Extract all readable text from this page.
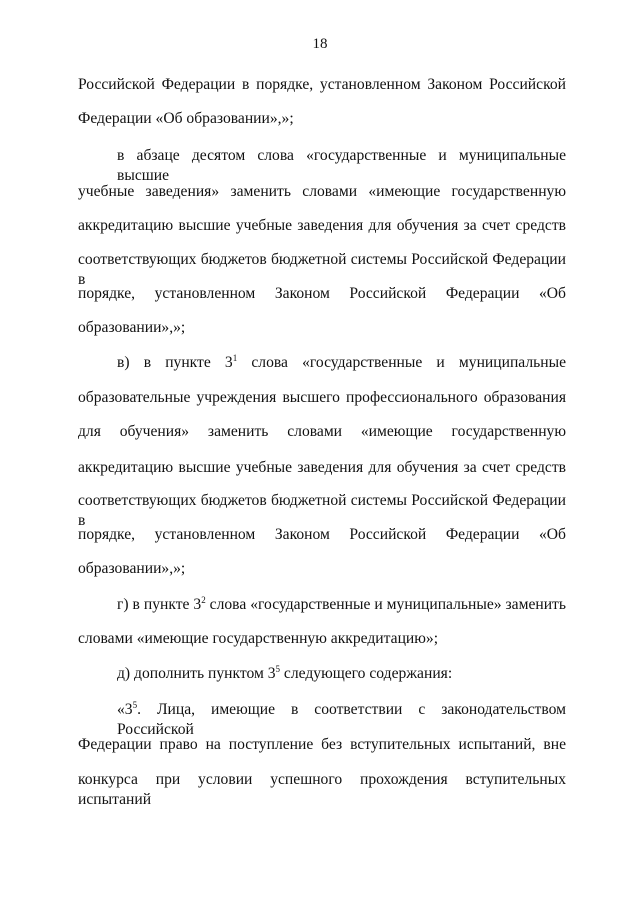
18
Российской Федерации в порядке, установленном Законом Российской
Федерации «Об образовании»,»;
в абзаце десятом слова «государственные и муниципальные высшие
учебные заведения» заменить словами «имеющие государственную
аккредитацию высшие учебные заведения для обучения за счет средств
соответствующих бюджетов бюджетной системы Российской Федерации в
порядке, установленном Законом Российской Федерации «Об
образовании»,»;
в) в пункте $3^1$ слова «государственные и муниципальные
образовательные учреждения высшего профессионального образования
для обучения» заменить словами «имеющие государственную
аккредитацию высшие учебные заведения для обучения за счет средств
соответствующих бюджетов бюджетной системы Российской Федерации в
порядке, установленном Законом Российской Федерации «Об
образовании»,»;
г) в пункте $3^2$ слова «государственные и муниципальные» заменить
словами «имеющие государственную аккредитацию»;
д) дополнить пунктом $3^5$ следующего содержания:
«$3^5$. Лица, имеющие в соответствии с законодательством Российской
Федерации право на поступление без вступительных испытаний, вне
конкурса при условии успешного прохождения вступительных испытаний
